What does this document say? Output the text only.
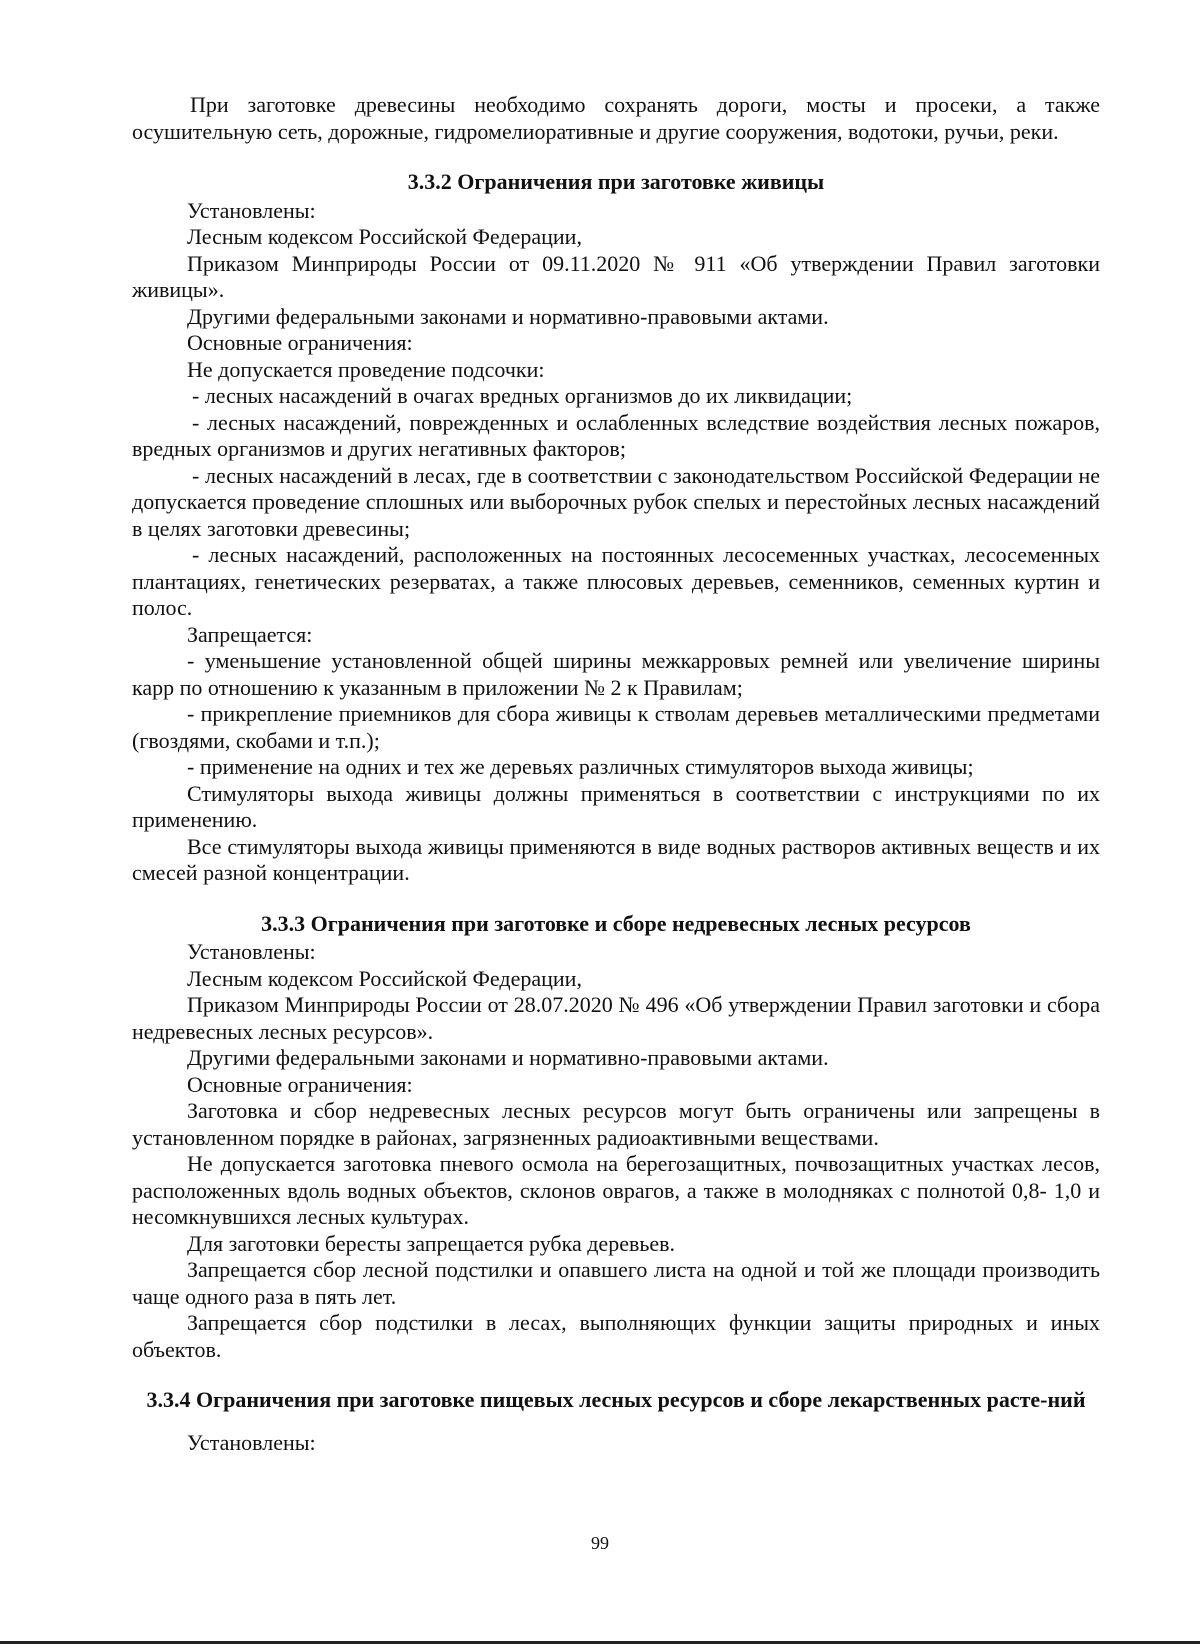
При заготовке древесины необходимо сохранять дороги, мосты и просеки, а также осушительную сеть, дорожные, гидромелиоративные и другие сооружения, водотоки, ручьи, реки.

3.3.2 Ограничения при заготовке живицы

Установлены:

Лесным кодексом Российской Федерации,

Приказом Минприроды России от 09.11.2020 № 911 «Об утверждении Правил заготовки живицы».

Другими федеральными законами и нормативно-правовыми актами.

Основные ограничения:

Не допускается проведение подсочки:

- лесных насаждений в очагах вредных организмов до их ликвидации;

- лесных насаждений, поврежденных и ослабленных вследствие воздействия лесных пожаров, вредных организмов и других негативных факторов;

- лесных насаждений в лесах, где в соответствии с законодательством Российской Федерации не допускается проведение сплошных или выборочных рубок спелых и перестойных лесных насаждений в целях заготовки древесины;

- лесных насаждений, расположенных на постоянных лесосеменных участках, лесосеменных плантациях, генетических резерватах, а также плюсовых деревьев, семенников, семенных куртин и полос.

Запрещается:

- уменьшение установленной общей ширины межкарровых ремней или увеличение ширины карр по отношению к указанным в приложении № 2 к Правилам;

- прикрепление приемников для сбора живицы к стволам деревьев металлическими предметами (гвоздями, скобами и т.п.);

- применение на одних и тех же деревьях различных стимуляторов выхода живицы;

Стимуляторы выхода живицы должны применяться в соответствии с инструкциями по их применению.

Все стимуляторы выхода живицы применяются в виде водных растворов активных веществ и их смесей разной концентрации.

3.3.3 Ограничения при заготовке и сборе недревесных лесных ресурсов

Установлены:

Лесным кодексом Российской Федерации,

Приказом Минприроды России от 28.07.2020 № 496 «Об утверждении Правил заготовки и сбора недревесных лесных ресурсов».

Другими федеральными законами и нормативно-правовыми актами.

Основные ограничения:

Заготовка и сбор недревесных лесных ресурсов могут быть ограничены или запрещены в установленном порядке в районах, загрязненных радиоактивными веществами.

Не допускается заготовка пневого осмола на берегозащитных, почвозащитных участках лесов, расположенных вдоль водных объектов, склонов оврагов, а также в молодняках с полнотой 0,8- 1,0 и несомкнувшихся лесных культурах.

Для заготовки бересты запрещается рубка деревьев.

Запрещается сбор лесной подстилки и опавшего листа на одной и той же площади производить чаще одного раза в пять лет.

Запрещается сбор подстилки в лесах, выполняющих функции защиты природных и иных объектов.

3.3.4 Ограничения при заготовке пищевых лесных ресурсов и сборе лекарственных расте-ний

Установлены:

99
